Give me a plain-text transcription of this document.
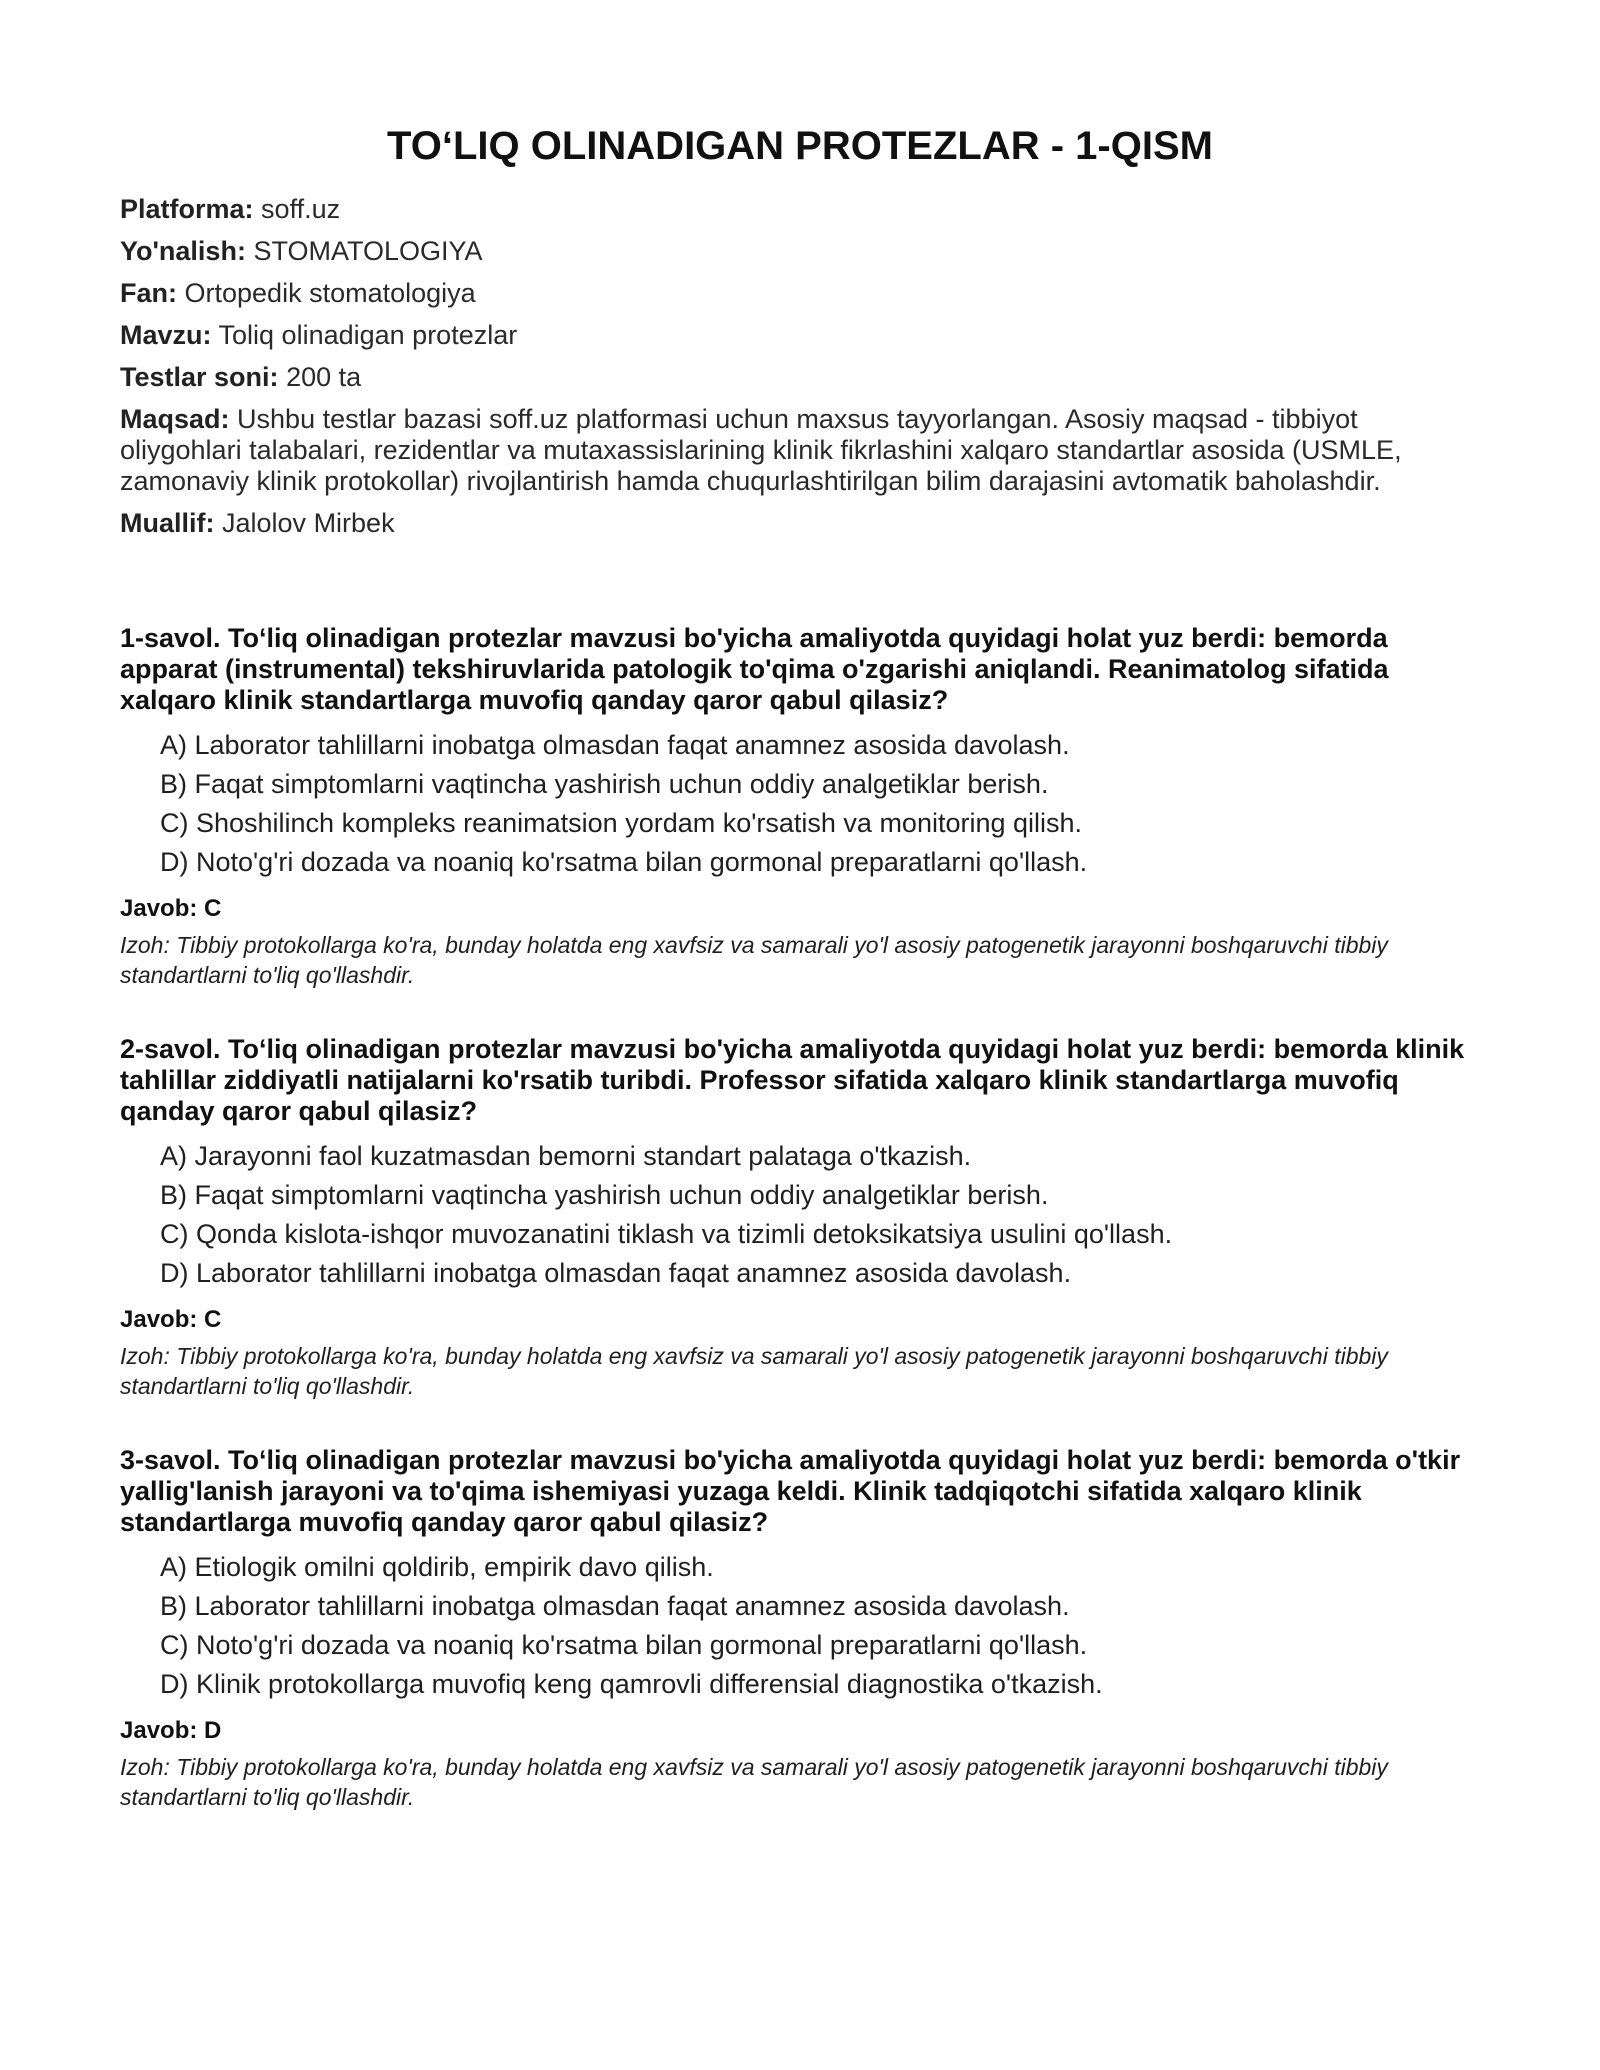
TO‘LIQ OLINADIGAN PROTEZLAR - 1-QISM
Platforma: soff.uz
Yo'nalish: STOMATOLOGIYA
Fan: Ortopedik stomatologiya
Mavzu: Toliq olinadigan protezlar
Testlar soni: 200 ta
Maqsad: Ushbu testlar bazasi soff.uz platformasi uchun maxsus tayyorlangan. Asosiy maqsad - tibbiyot oliygohlari talabalari, rezidentlar va mutaxassislarining klinik fikrlashini xalqaro standartlar asosida (USMLE, zamonaviy klinik protokollar) rivojlantirish hamda chuqurlashtirilgan bilim darajasini avtomatik baholashdir.
Muallif: Jalolov Mirbek

1-savol. To‘liq olinadigan protezlar mavzusi bo'yicha amaliyotda quyidagi holat yuz berdi: bemorda apparat (instrumental) tekshiruvlarida patologik to'qima o'zgarishi aniqlandi. Reanimatolog sifatida xalqaro klinik standartlarga muvofiq qanday qaror qabul qilasiz?

A) Laborator tahlillarni inobatga olmasdan faqat anamnez asosida davolash.
B) Faqat simptomlarni vaqtincha yashirish uchun oddiy analgetiklar berish.
C) Shoshilinch kompleks reanimatsion yordam ko'rsatish va monitoring qilish.
D) Noto'g'ri dozada va noaniq ko'rsatma bilan gormonal preparatlarni qo'llash.

Javob: C

Izoh: Tibbiy protokollarga ko'ra, bunday holatda eng xavfsiz va samarali yo'l asosiy patogenetik jarayonni boshqaruvchi tibbiy standartlarni to'liq qo'llashdir.

2-savol. To‘liq olinadigan protezlar mavzusi bo'yicha amaliyotda quyidagi holat yuz berdi: bemorda klinik tahlillar ziddiyatli natijalarni ko'rsatib turibdi. Professor sifatida xalqaro klinik standartlarga muvofiq qanday qaror qabul qilasiz?

A) Jarayonni faol kuzatmasdan bemorni standart palataga o'tkazish.
B) Faqat simptomlarni vaqtincha yashirish uchun oddiy analgetiklar berish.
C) Qonda kislota-ishqor muvozanatini tiklash va tizimli detoksikatsiya usulini qo'llash.
D) Laborator tahlillarni inobatga olmasdan faqat anamnez asosida davolash.

Javob: C

Izoh: Tibbiy protokollarga ko'ra, bunday holatda eng xavfsiz va samarali yo'l asosiy patogenetik jarayonni boshqaruvchi tibbiy standartlarni to'liq qo'llashdir.

3-savol. To‘liq olinadigan protezlar mavzusi bo'yicha amaliyotda quyidagi holat yuz berdi: bemorda o'tkir yallig'lanish jarayoni va to'qima ishemiyasi yuzaga keldi. Klinik tadqiqotchi sifatida xalqaro klinik standartlarga muvofiq qanday qaror qabul qilasiz?

A) Etiologik omilni qoldirib, empirik davo qilish.
B) Laborator tahlillarni inobatga olmasdan faqat anamnez asosida davolash.
C) Noto'g'ri dozada va noaniq ko'rsatma bilan gormonal preparatlarni qo'llash.
D) Klinik protokollarga muvofiq keng qamrovli differensial diagnostika o'tkazish.

Javob: D

Izoh: Tibbiy protokollarga ko'ra, bunday holatda eng xavfsiz va samarali yo'l asosiy patogenetik jarayonni boshqaruvchi tibbiy standartlarni to'liq qo'llashdir.
